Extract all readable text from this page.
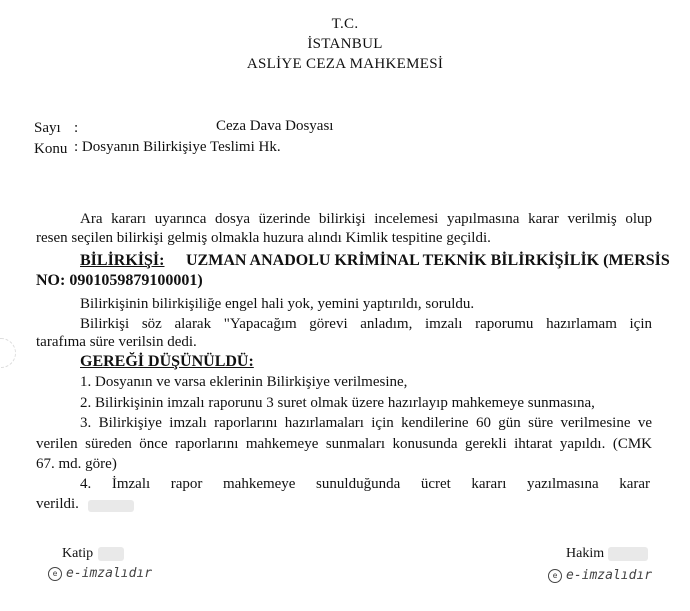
T.C.
İSTANBUL
ASLİYE CEZA MAHKEMESİ
Sayı :	Ceza Dava Dosyası
Konu : Dosyanın Bilirkişiye Teslimi Hk.
Ara kararı uyarınca dosya üzerinde bilirkişi incelemesi yapılmasına karar verilmiş olup
resen seçilen bilirkişi gelmiş olmakla huzura alındı Kimlik tespitine geçildi.
BİLİRKİŞİ: UZMAN ANADOLU KRİMİNAL TEKNİK BİLİRKİŞİLİK (MERSİS
NO: 0901059879100001)
Bilirkişinin bilirkişiliğe engel hali yok, yemini yaptırıldı, soruldu.
Bilirkişi söz alarak "Yapacağım görevi anladım, imzalı raporumu hazırlamam için
tarafıma süre verilsin dedi.
GEREĞİ DÜŞÜNÜLDÜ:
1. Dosyanın ve varsa eklerinin Bilirkişiye verilmesine,
2. Bilirkişinin imzalı raporunu 3 suret olmak üzere hazırlayıp mahkemeye sunmasına,
3. Bilirkişiye imzalı raporlarını hazırlamaları için kendilerine 60 gün süre verilmesine ve
verilen süreden önce raporlarını mahkemeye sunmaları konusunda gerekli ihtarat yapıldı. (CMK
67. md. göre)
4. İmzalı rapor mahkemeye sunulduğunda ücret kararı yazılmasına karar
verildi.
Katip
e e-imzalıdır
Hakim
e e-imzalıdır
